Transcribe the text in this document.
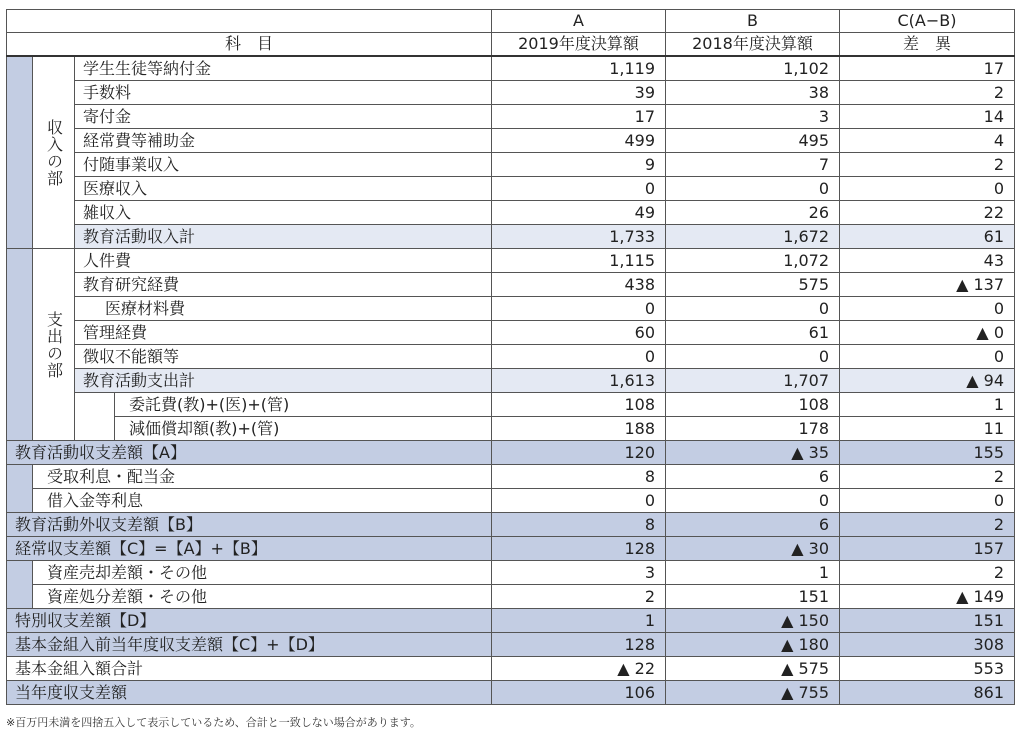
				A	B	C(A−B)
科　目				2019年度決算額	2018年度決算額	差　異
	収入の部	学生生徒等納付金		1,119	1,102	17
		手数料		39	38	2
		寄付金		17	3	14
		経常費等補助金		499	495	4
		付随事業収入		9	7	2
		医療収入		0	0	0
		雑収入		49	26	22
		教育活動収入計		1,733	1,672	61
	支出の部	人件費		1,115	1,072	43
		教育研究経費		438	575	▲ 137
		医療材料費		0	0	0
		管理経費		60	61	▲ 0
		徴収不能額等		0	0	0
		教育活動支出計		1,613	1,707	▲ 94
			委託費(教)+(医)+(管)	108	108	1
			減価償却額(教)+(管)	188	178	11
教育活動収支差額【A】				120	▲ 35	155
	受取利息・配当金			8	6	2
	借入金等利息			0	0	0
教育活動外収支差額【B】				8	6	2
経常収支差額【C】=【A】+【B】				128	▲ 30	157
	資産売却差額・その他			3	1	2
	資産処分差額・その他			2	151	▲ 149
特別収支差額【D】				1	▲ 150	151
基本金組入前当年度収支差額【C】+【D】				128	▲ 180	308
基本金組入額合計				▲ 22	▲ 575	553
当年度収支差額				106	▲ 755	861
※百万円未満を四捨五入して表示しているため、合計と一致しない場合があります。
